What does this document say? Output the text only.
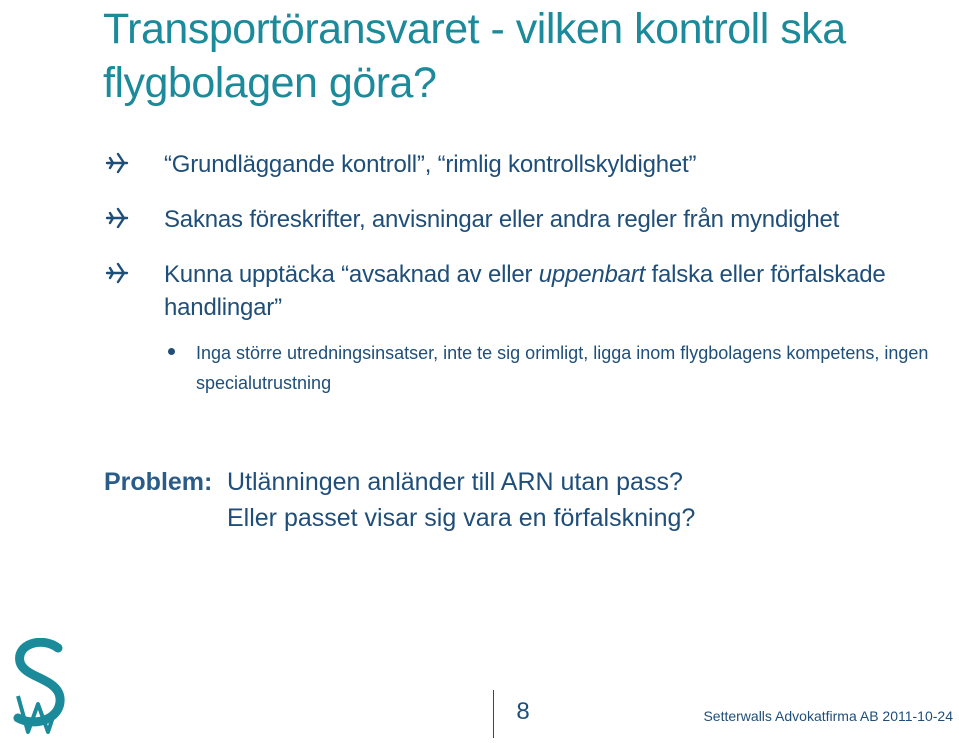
Transportöransvaret - vilken kontroll ska flygbolagen göra?
“Grundläggande kontroll”, “rimlig kontrollskyldighet”
Saknas föreskrifter, anvisningar eller andra regler från myndighet
Kunna upptäcka “avsaknad av eller uppenbart falska eller förfalskade handlingar”
Inga större utredningsinsatser, inte te sig orimligt, ligga inom flygbolagens kompetens, ingen specialutrustning
Problem: Utlänningen anländer till ARN utan pass?
Eller passet visar sig vara en förfalskning?
8	Setterwalls Advokatfirma AB 2011-10-24
